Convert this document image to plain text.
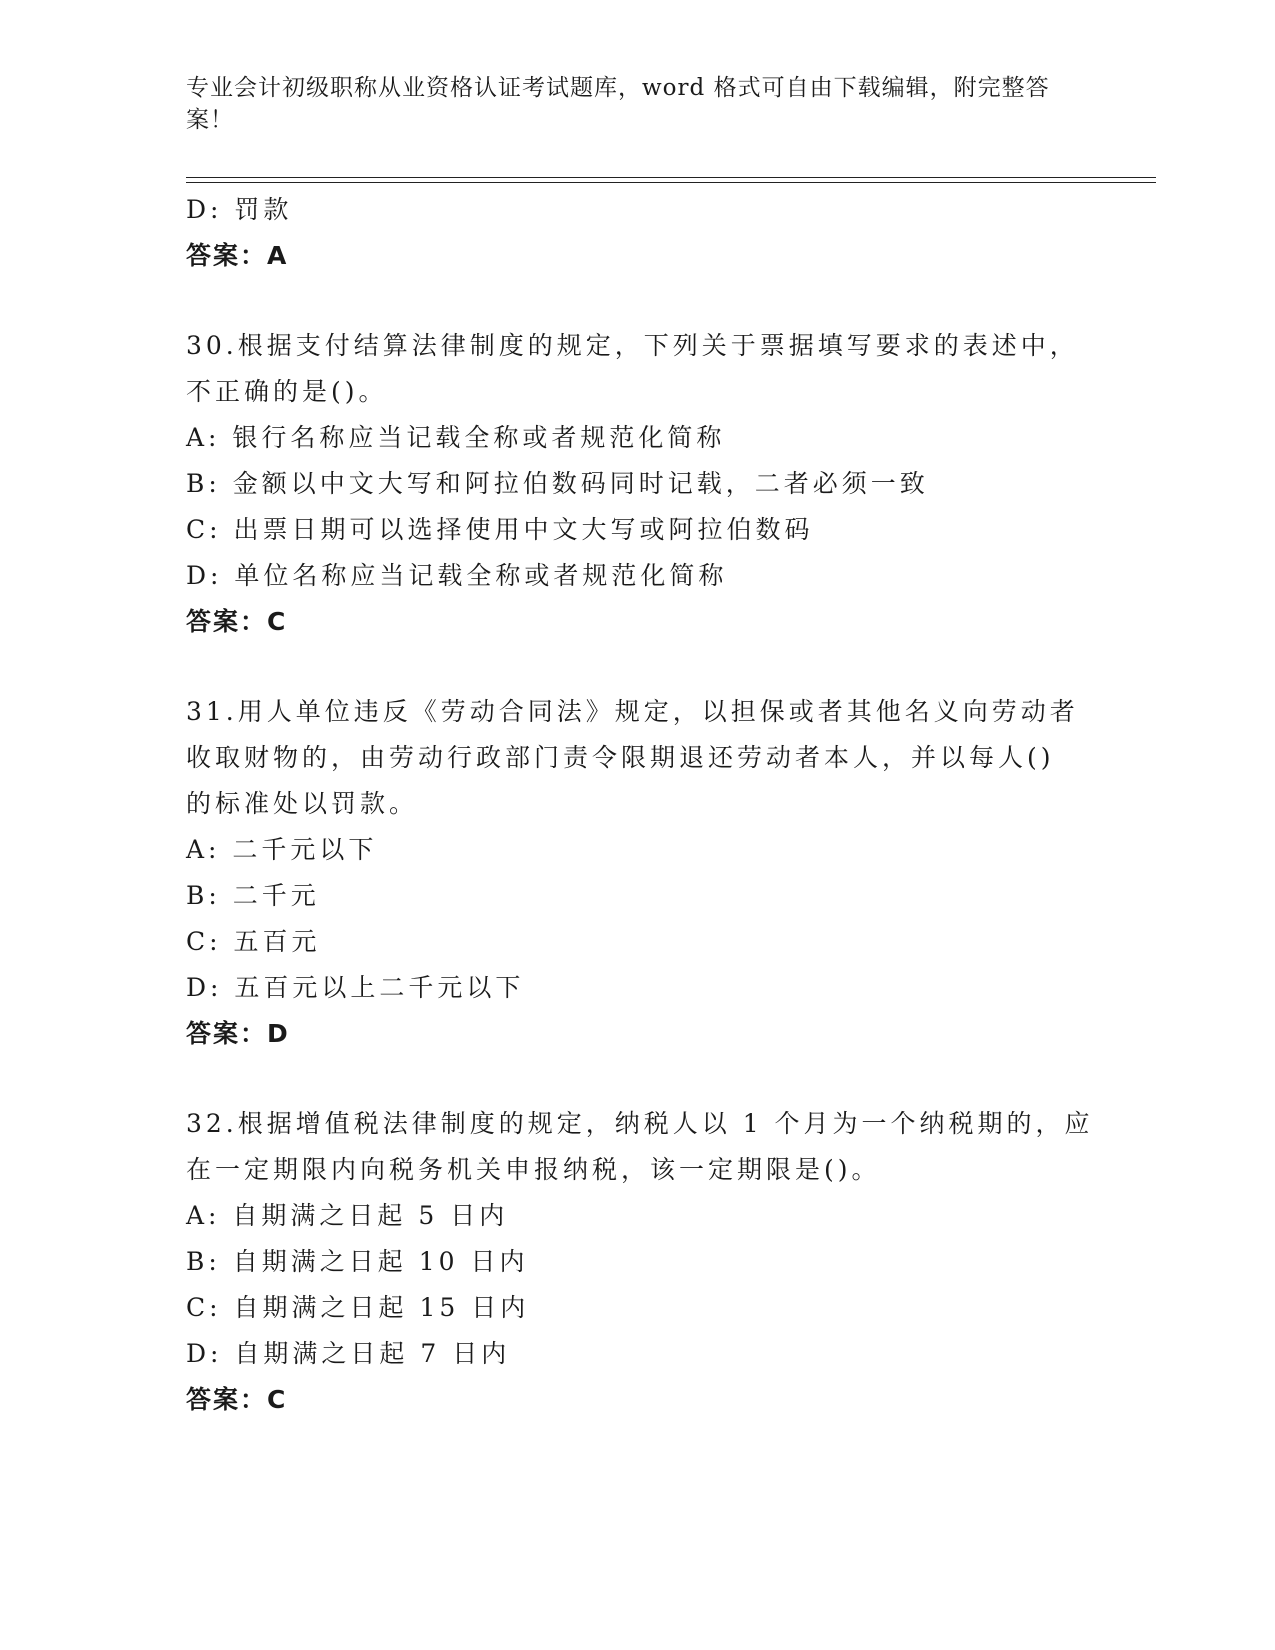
专业会计初级职称从业资格认证考试题库，word 格式可自由下载编辑，附完整答案！
D: 罚款
答案：A
30.根据支付结算法律制度的规定，下列关于票据填写要求的表述中，
不正确的是()。
A: 银行名称应当记载全称或者规范化简称
B: 金额以中文大写和阿拉伯数码同时记载，二者必须一致
C: 出票日期可以选择使用中文大写或阿拉伯数码
D: 单位名称应当记载全称或者规范化简称
答案：C
31.用人单位违反《劳动合同法》规定，以担保或者其他名义向劳动者
收取财物的，由劳动行政部门责令限期退还劳动者本人，并以每人()
的标准处以罚款。
A: 二千元以下
B: 二千元
C: 五百元
D: 五百元以上二千元以下
答案：D
32.根据增值税法律制度的规定，纳税人以 1 个月为一个纳税期的，应
在一定期限内向税务机关申报纳税，该一定期限是()。
A: 自期满之日起 5 日内
B: 自期满之日起 10 日内
C: 自期满之日起 15 日内
D: 自期满之日起 7 日内
答案：C
